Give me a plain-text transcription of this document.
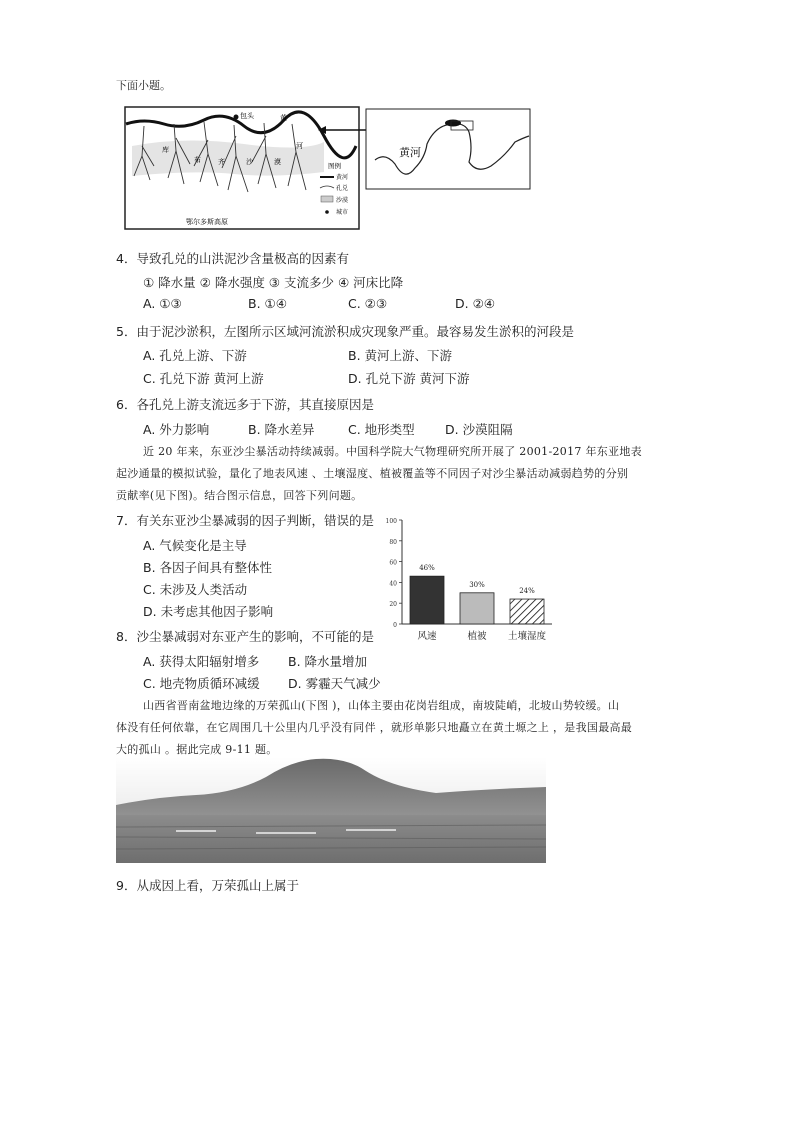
下面小题。
包头	黄
河
库
布 齐	沙	漠
鄂尔多斯高原
图例
黄河
孔兑
沙漠
城市
黄河
4．导致孔兑的山洪泥沙含量极高的因素有
① 降水量 ② 降水强度 ③ 支流多少 ④ 河床比降
A. ①③	B. ①④	C. ②③	D. ②④
5．由于泥沙淤积，左图所示区域河流淤积成灾现象严重。最容易发生淤积的河段是
A. 孔兑上游、下游	B. 黄河上游、下游
C. 孔兑下游 黄河上游	D. 孔兑下游 黄河下游
6．各孔兑上游支流远多于下游，其直接原因是
A. 外力影响	B. 降水差异	C. 地形类型 D. 沙漠阻隔
近 20 年来，东亚沙尘暴活动持续减弱。中国科学院大气物理研究所开展了 2001-2017 年东亚地表
起沙通量的模拟试验，量化了地表风速 、土壤湿度、植被覆盖等不同因子对沙尘暴活动减弱趋势的分别
贡献率(见下图)。结合图示信息，回答下列问题。
7．有关东亚沙尘暴减弱的因子判断，错误的是
A. 气候变化是主导
B. 各因子间具有整体性
C. 未涉及人类活动
D. 未考虑其他因子影响
8．沙尘暴减弱对东亚产生的影响，不可能的是
A. 获得太阳辐射增多 B. 降水量增加
C. 地壳物质循环减缓 D. 雾霾天气减少
0
20
40
60
80
100
46%
风速
30%
植被
24%
土壤湿度
山西省晋南盆地边缘的万荣孤山(下图 )，山体主要由花岗岩组成，南坡陡峭，北坡山势较缓。山
体没有任何依靠，在它周围几十公里内几乎没有同伴 ，就形单影只地矗立在黄土塬之上 ，是我国最高最
大的孤山 。据此完成 9-11 题。
9．从成因上看，万荣孤山上属于
